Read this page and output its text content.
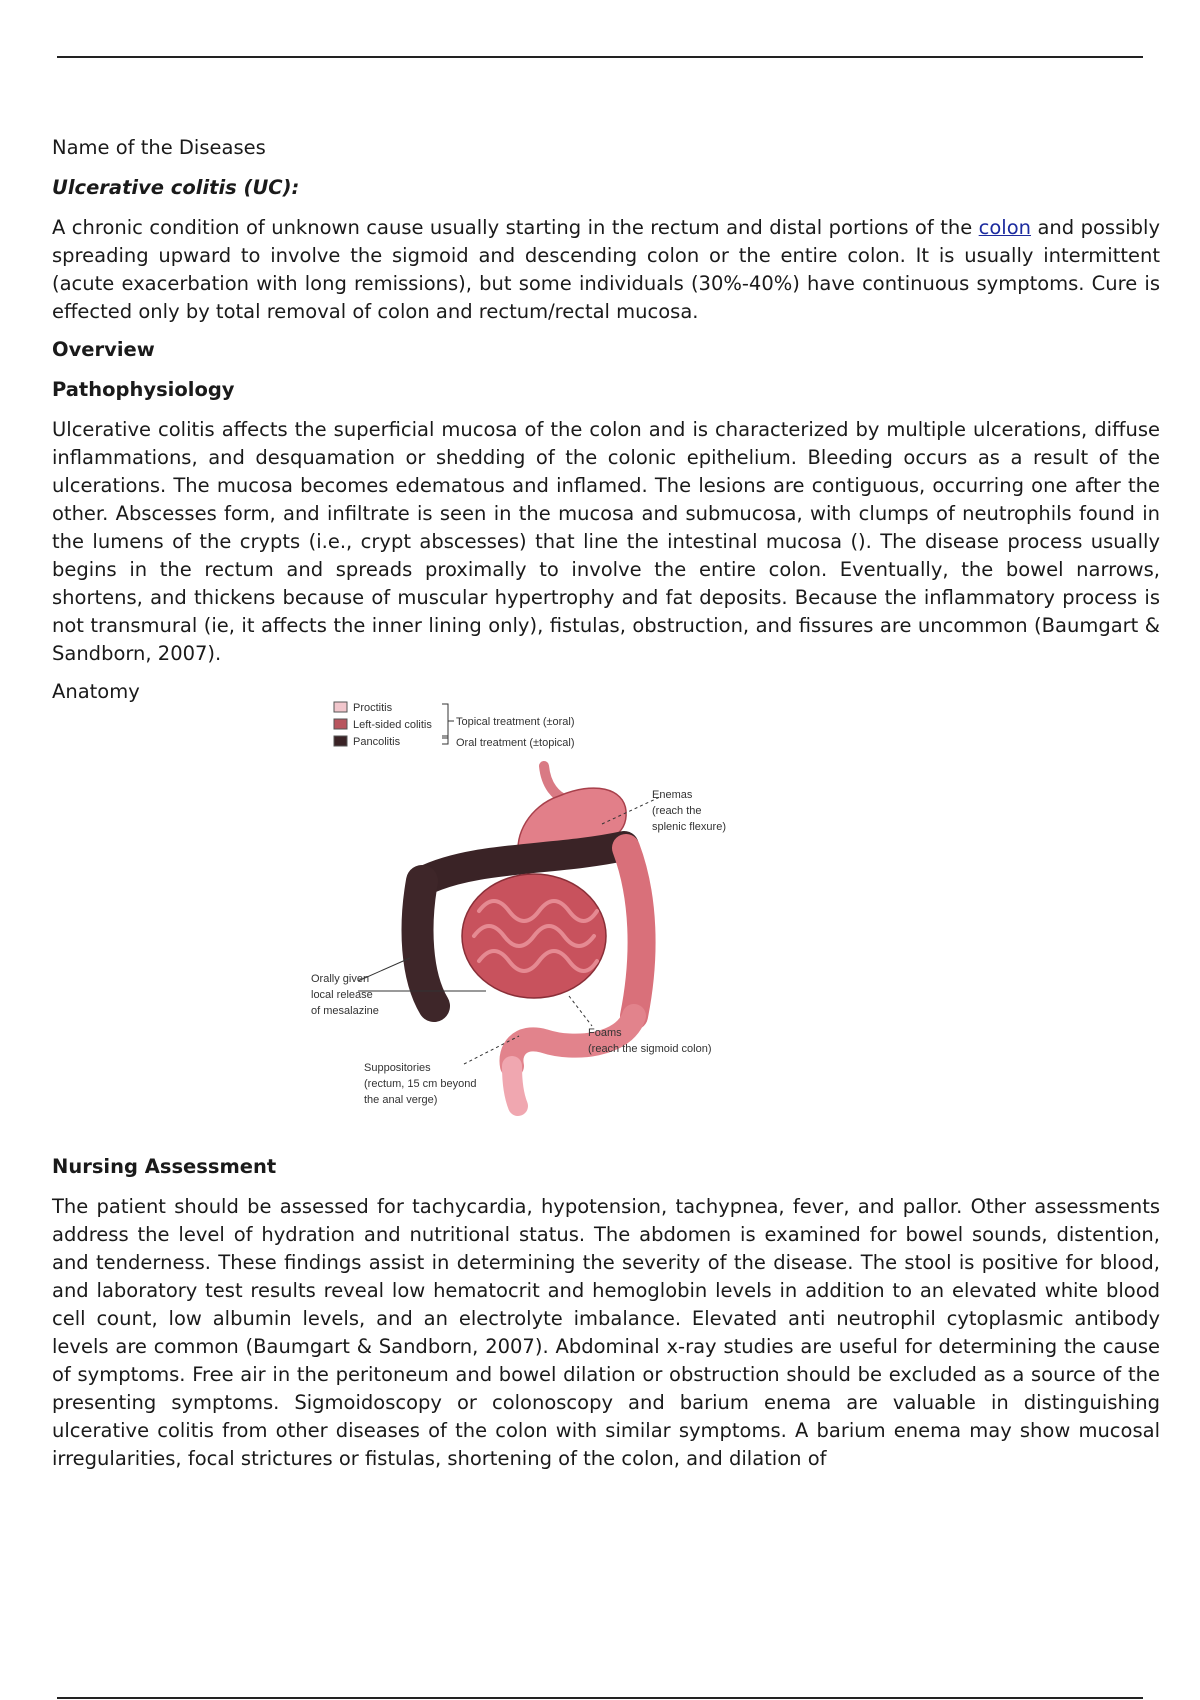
Name of the Diseases

Ulcerative colitis (UC):

A chronic condition of unknown cause usually starting in the rectum and distal portions of the colon and possibly spreading upward to involve the sigmoid and descending colon or the entire colon. It is usually intermittent (acute exacerbation with long remissions), but some individuals (30%-40%) have continuous symptoms. Cure is effected only by total removal of colon and rectum/rectal mucosa.

Overview

Pathophysiology

Ulcerative colitis affects the superficial mucosa of the colon and is characterized by multiple ulcerations, diffuse inflammations, and desquamation or shedding of the colonic epithelium. Bleeding occurs as a result of the ulcerations. The mucosa becomes edematous and inflamed. The lesions are contiguous, occurring one after the other. Abscesses form, and infiltrate is seen in the mucosa and submucosa, with clumps of neutrophils found in the lumens of the crypts (i.e., crypt abscesses) that line the intestinal mucosa (). The disease process usually begins in the rectum and spreads proximally to involve the entire colon. Eventually, the bowel narrows, shortens, and thickens because of muscular hypertrophy and fat deposits. Because the inflammatory process is not transmural (ie, it affects the inner lining only), fistulas, obstruction, and fissures are uncommon (Baumgart & Sandborn, 2007).

Anatomy

Proctitis
Left-sided colitis
Pancolitis
Topical treatment (±oral)
Oral treatment (±topical)
Enemas
(reach the
splenic flexure)
Orally given
local release
of mesalazine
Foams
(reach the sigmoid colon)
Suppositories
(rectum, 15 cm beyond
the anal verge)

Nursing Assessment

The patient should be assessed for tachycardia, hypotension, tachypnea, fever, and pallor. Other assessments address the level of hydration and nutritional status. The abdomen is examined for bowel sounds, distention, and tenderness. These findings assist in determining the severity of the disease. The stool is positive for blood, and laboratory test results reveal low hematocrit and hemoglobin levels in addition to an elevated white blood cell count, low albumin levels, and an electrolyte imbalance. Elevated anti neutrophil cytoplasmic antibody levels are common (Baumgart & Sandborn, 2007). Abdominal x-ray studies are useful for determining the cause of symptoms. Free air in the peritoneum and bowel dilation or obstruction should be excluded as a source of the presenting symptoms. Sigmoidoscopy or colonoscopy and barium enema are valuable in distinguishing ulcerative colitis from other diseases of the colon with similar symptoms. A barium enema may show mucosal irregularities, focal strictures or fistulas, shortening of the colon, and dilation of
